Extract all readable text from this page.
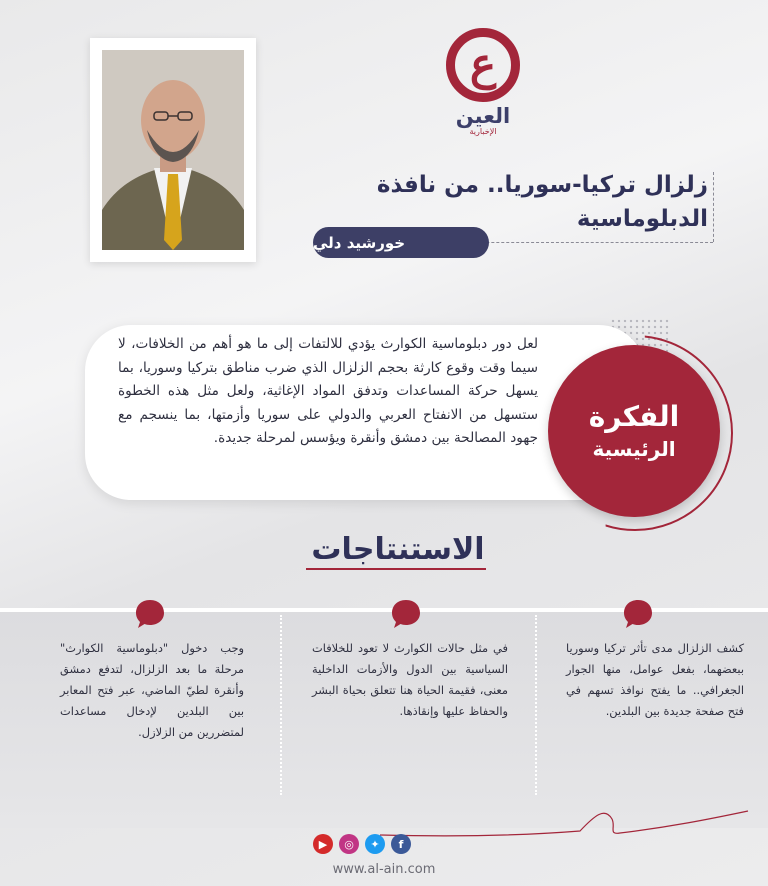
ع
العين
الإخبارية
زلزال تركيا-سوريا.. من نافذة الدبلوماسية
خورشيد دلي
لعل دور دبلوماسية الكوارث يؤدي للالتفات إلى ما هو أهم من الخلافات، لا سيما وقت وقوع كارثة بحجم الزلزال الذي ضرب مناطق بتركيا وسوريا، بما يسهل حركة المساعدات وتدفق المواد الإغاثية، ولعل مثل هذه الخطوة ستسهل من الانفتاح العربي والدولي على سوريا وأزمتها، بما ينسجم مع جهود المصالحة بين دمشق وأنقرة ويؤسس لمرحلة جديدة.
الفكرة
الرئيسية
الاستنتاجات
كشف الزلزال مدى تأثر تركيا وسوريا ببعضهما، بفعل عوامل، منها الجوار الجغرافي.. ما يفتح نوافذ تسهم في فتح صفحة جديدة بين البلدين.
في مثل حالات الكوارث لا تعود للخلافات السياسية بين الدول والأزمات الداخلية معنى، فقيمة الحياة هنا تتعلق بحياة البشر والحفاظ عليها وإنقاذها.
وجب دخول "دبلوماسية الكوارث" مرحلة ما بعد الزلزال، لتدفع دمشق وأنقرة لطيّ الماضي، عبر فتح المعابر بين البلدين لإدخال مساعدات لمتضررين من الزلازل.
▶ ◎ ✦ f
www.al-ain.com
